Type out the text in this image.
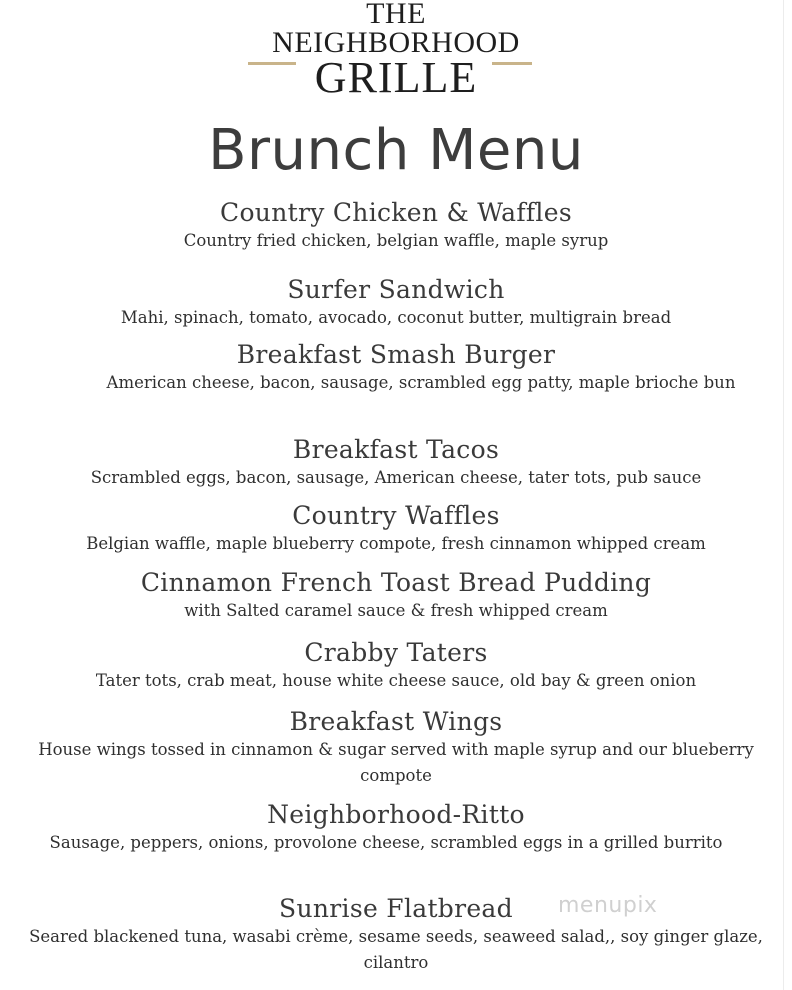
THE
NEIGHBORHOOD
GRILLE
Brunch Menu
Country Chicken & Waffles
Country fried chicken, belgian waffle, maple syrup
Surfer Sandwich
Mahi, spinach, tomato, avocado, coconut butter, multigrain bread
Breakfast Smash Burger
American cheese, bacon, sausage, scrambled egg patty, maple brioche bun
Breakfast Tacos
Scrambled eggs, bacon, sausage, American cheese, tater tots, pub sauce
Country Waffles
Belgian waffle, maple blueberry compote, fresh cinnamon whipped cream
Cinnamon French Toast Bread Pudding
with Salted caramel sauce & fresh whipped cream
Crabby Taters
Tater tots, crab meat, house white cheese sauce, old bay & green onion
Breakfast Wings
House wings tossed in cinnamon & sugar served with maple syrup and our blueberry compote
Neighborhood-Ritto
Sausage, peppers, onions, provolone cheese, scrambled eggs in a grilled burrito
Sunrise Flatbread
Seared blackened tuna, wasabi crème, sesame seeds, seaweed salad,, soy ginger glaze, cilantro
menupix
